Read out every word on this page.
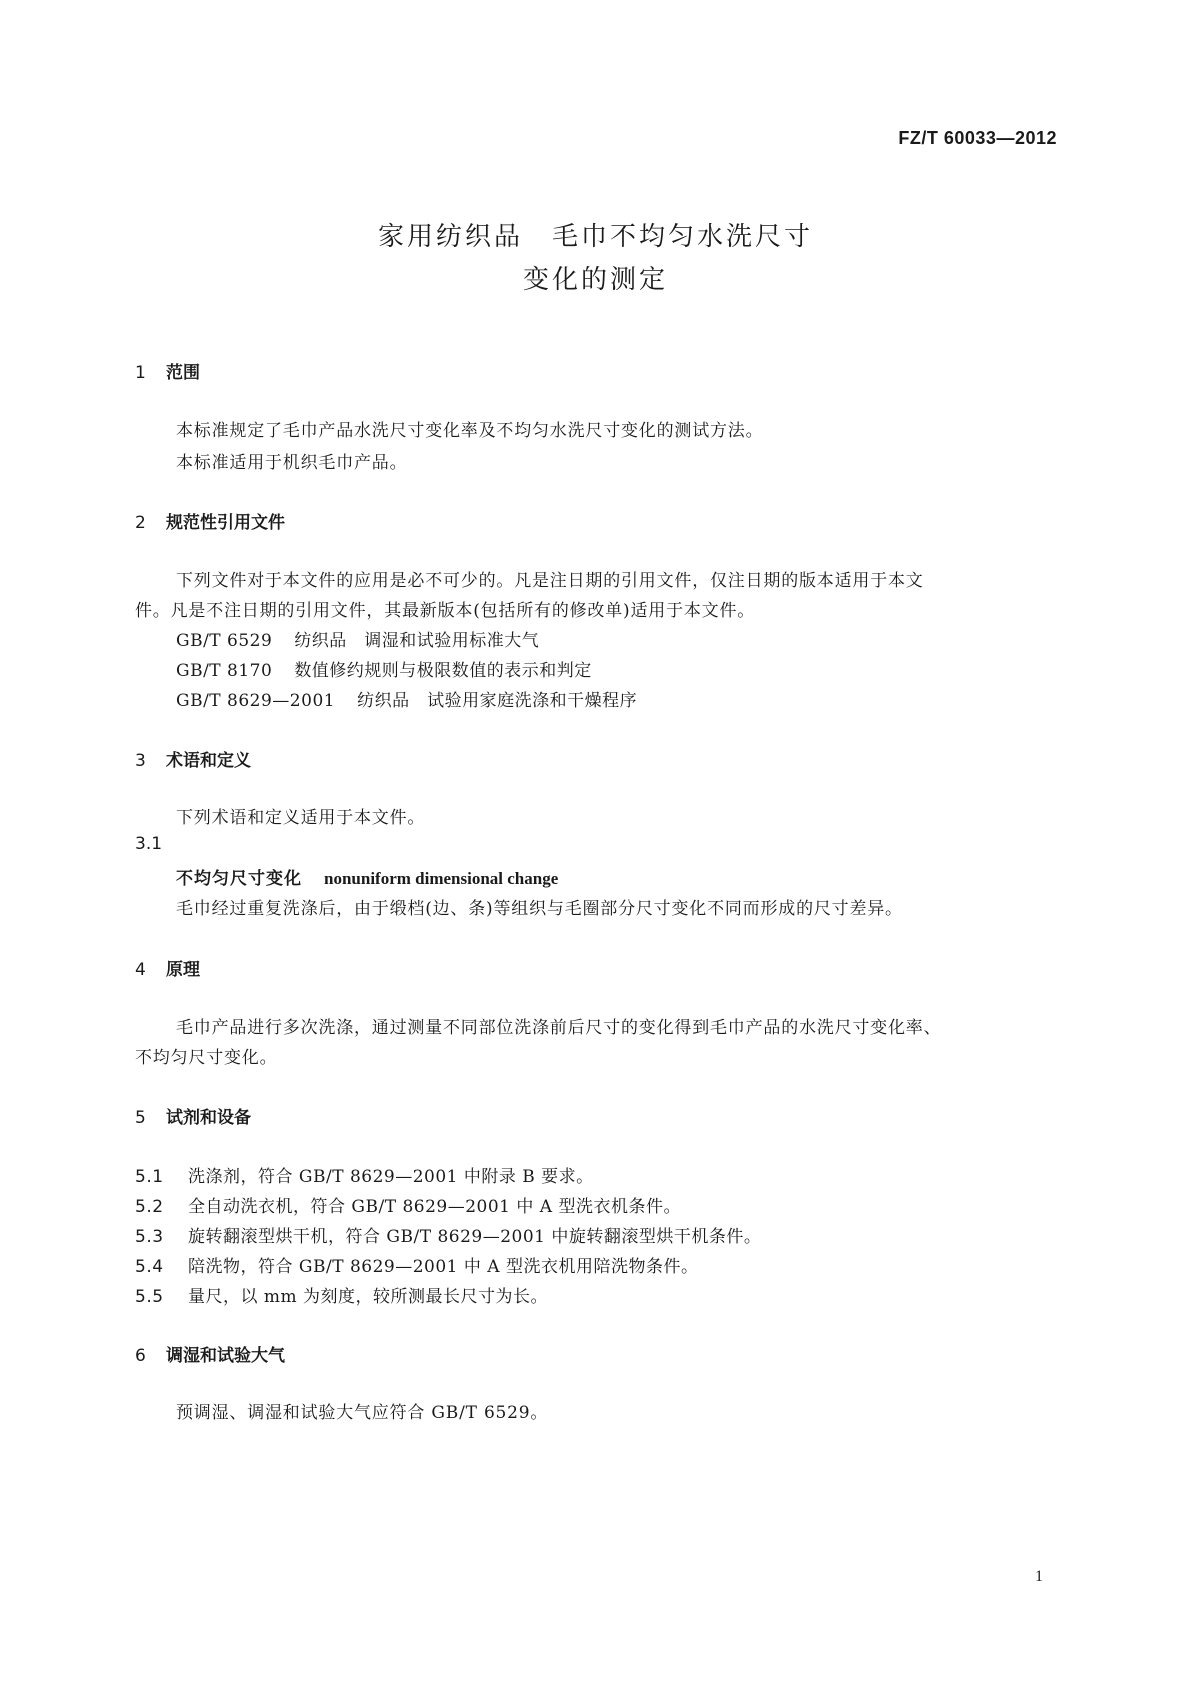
FZ/T 60033—2012
家用纺织品　毛巾不均匀水洗尺寸
变化的测定
1 范围
本标准规定了毛巾产品水洗尺寸变化率及不均匀水洗尺寸变化的测试方法。
本标准适用于机织毛巾产品。
2 规范性引用文件
下列文件对于本文件的应用是必不可少的。凡是注日期的引用文件，仅注日期的版本适用于本文
件。凡是不注日期的引用文件，其最新版本(包括所有的修改单)适用于本文件。
GB/T 6529 纺织品　调湿和试验用标准大气
GB/T 8170 数值修约规则与极限数值的表示和判定
GB/T 8629—2001 纺织品　试验用家庭洗涤和干燥程序
3 术语和定义
下列术语和定义适用于本文件。
3.1
不均匀尺寸变化 nonuniform dimensional change
毛巾经过重复洗涤后，由于缎档(边、条)等组织与毛圈部分尺寸变化不同而形成的尺寸差异。
4 原理
毛巾产品进行多次洗涤，通过测量不同部位洗涤前后尺寸的变化得到毛巾产品的水洗尺寸变化率、
不均匀尺寸变化。
5 试剂和设备
5.1 洗涤剂，符合 GB/T 8629—2001 中附录 B 要求。
5.2 全自动洗衣机，符合 GB/T 8629—2001 中 A 型洗衣机条件。
5.3 旋转翻滚型烘干机，符合 GB/T 8629—2001 中旋转翻滚型烘干机条件。
5.4 陪洗物，符合 GB/T 8629—2001 中 A 型洗衣机用陪洗物条件。
5.5 量尺，以 mm 为刻度，较所测最长尺寸为长。
6 调湿和试验大气
预调湿、调湿和试验大气应符合 GB/T 6529。
1
